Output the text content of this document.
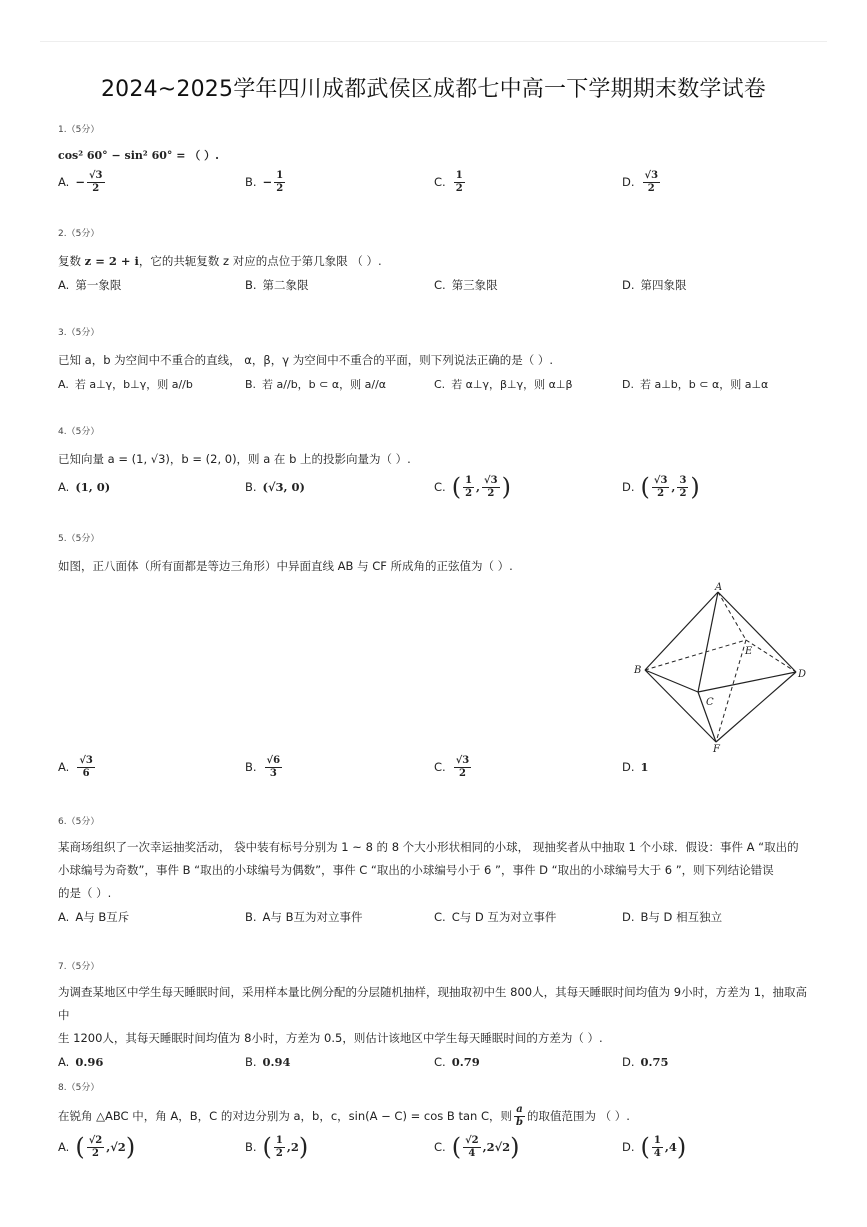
2024~2025学年四川成都武侯区成都七中高一下学期期末数学试卷
1.（5分）
cos² 60° − sin² 60° = （ ）.
A. − $\frac{√3}{2}$	B. − $\frac{1}{2}$	C. $\frac{1}{2}$	D. $\frac{√3}{2}$
2.（5分）
复数 z = 2 + i，它的共轭复数 z 对应的点位于第几象限 （ ）.
A. 第一象限	B. 第二象限	C. 第三象限	D. 第四象限
3.（5分）
已知 a，b 为空间中不重合的直线， α，β，γ 为空间中不重合的平面，则下列说法正确的是（ ）.
A. 若 a⊥γ，b⊥γ，则 a//b	B. 若 a//b，b ⊂ α，则 a//α	C. 若 α⊥γ，β⊥γ，则 α⊥β	D. 若 a⊥b，b ⊂ α，则 a⊥α
4.（5分）
已知向量 a = (1, √3)，b = (2, 0)，则 a 在 b 上的投影向量为（ ）.
A. (1, 0)	B. (√3, 0)	C. ( $\frac{1}{2}$ , $\frac{√3}{2}$ )	D. ( $\frac{√3}{2}$ , $\frac{3}{2}$ )
5.（5分）
如图，正八面体（所有面都是等边三角形）中异面直线 AB 与 CF 所成角的正弦值为（ ）.
A
B
C
D
E
F
A. $\frac{√3}{6}$	B. $\frac{√6}{3}$	C. $\frac{√3}{2}$	D. 1
6.（5分）
某商场组织了一次幸运抽奖活动， 袋中装有标号分别为 1 ~ 8 的 8 个大小形状相同的小球， 现抽奖者从中抽取 1 个小球．假设：事件 A “取出的
小球编号为奇数”，事件 B “取出的小球编号为偶数”，事件 C “取出的小球编号小于 6 ”，事件 D “取出的小球编号大于 6 ”，则下列结论错误
的是（ ）.
A. A与 B互斥	B. A与 B互为对立事件	C. C与 D 互为对立事件	D. B与 D 相互独立
7.（5分）
为调查某地区中学生每天睡眠时间，采用样本量比例分配的分层随机抽样，现抽取初中生 800人，其每天睡眠时间均值为 9小时，方差为 1，抽取高中
生 1200人，其每天睡眠时间均值为 8小时，方差为 0.5，则估计该地区中学生每天睡眠时间的方差为（ ）.
A. 0.96	B. 0.94	C. 0.79	D. 0.75
8.（5分）
在锐角 △ABC 中，角 A，B，C 的对边分别为 a，b，c，sin(A − C) = cos B tan C，则 $\frac{a}{b}$ 的取值范围为 （ ）.
A. ( $\frac{√2}{2}$ , √2 )	B. ( $\frac{1}{2}$ , 2 )	C. ( $\frac{√2}{4}$ , 2√2 )	D. ( $\frac{1}{4}$ , 4 )
